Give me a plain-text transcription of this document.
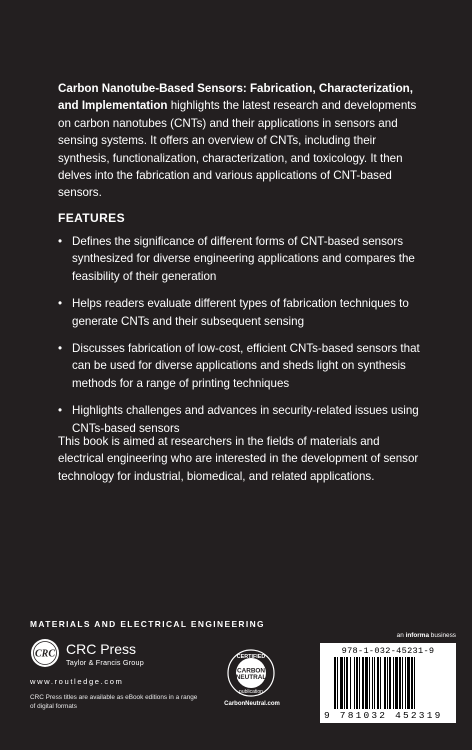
Carbon Nanotube-Based Sensors: Fabrication, Characterization, and Implementation highlights the latest research and developments on carbon nanotubes (CNTs) and their applications in sensors and sensing systems. It offers an overview of CNTs, including their synthesis, functionalization, characterization, and toxicology. It then delves into the fabrication and various applications of CNT-based sensors.
FEATURES
• Defines the significance of different forms of CNT-based sensors synthesized for diverse engineering applications and compares the feasibility of their generation
• Helps readers evaluate different types of fabrication techniques to generate CNTs and their subsequent sensing
• Discusses fabrication of low-cost, efficient CNTs-based sensors that can be used for diverse applications and sheds light on synthesis methods for a range of printing techniques
• Highlights challenges and advances in security-related issues using CNTs-based sensors
This book is aimed at researchers in the fields of materials and electrical engineering who are interested in the development of sensor technology for industrial, biomedical, and related applications.
MATERIALS AND ELECTRICAL ENGINEERING
CRC CRC Press
Taylor & Francis Group
www.routledge.com
CRC Press titles are available as eBook editions in a range of digital formats
CERTIFIED
CARBON
NEUTRAL
publication
CarbonNeutral.com
an informa business
978-1-032-45231-9
9 781032 452319
